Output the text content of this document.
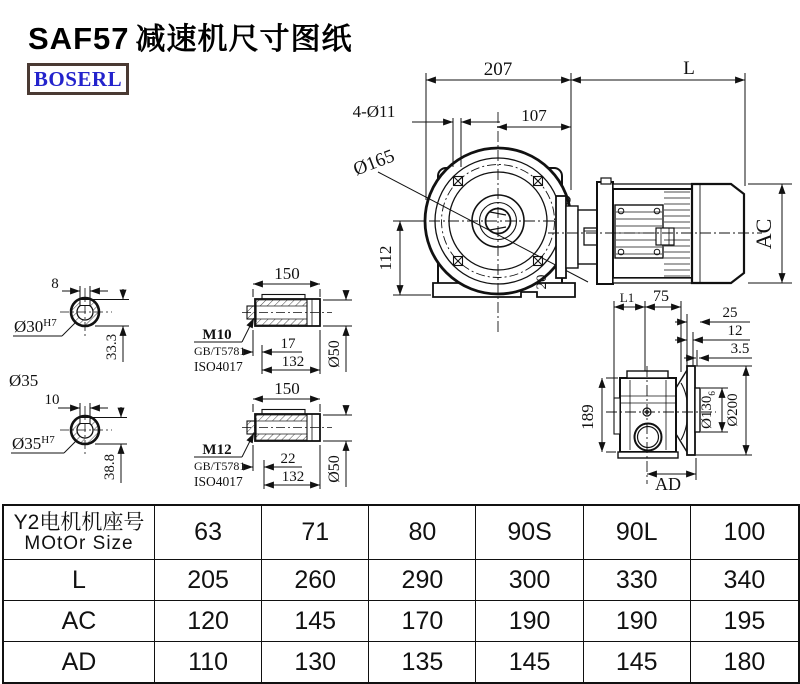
SAF57 减速机尺寸图纸
BOSERL	207	L
107
4-Ø11
Ø165
112
20
AC
L1 75
25
12
3.5
189	$Ø130_6$ Ø200
AD
8
$Ø30^{H7}$
33.3
Ø35
10
$Ø35^{H7}$
38.8
150
M10
GB/T5781
ISO4017
17
132 Ø50
150
M12
GB/T5781
ISO4017
22
132 Ø50
Y2电机机座号
MOtOr Size	63	71	80	90S	90L	100
L	205	260	290	300	330	340
AC	120	145	170	190	190	195
AD	110	130	135	145	145	180
